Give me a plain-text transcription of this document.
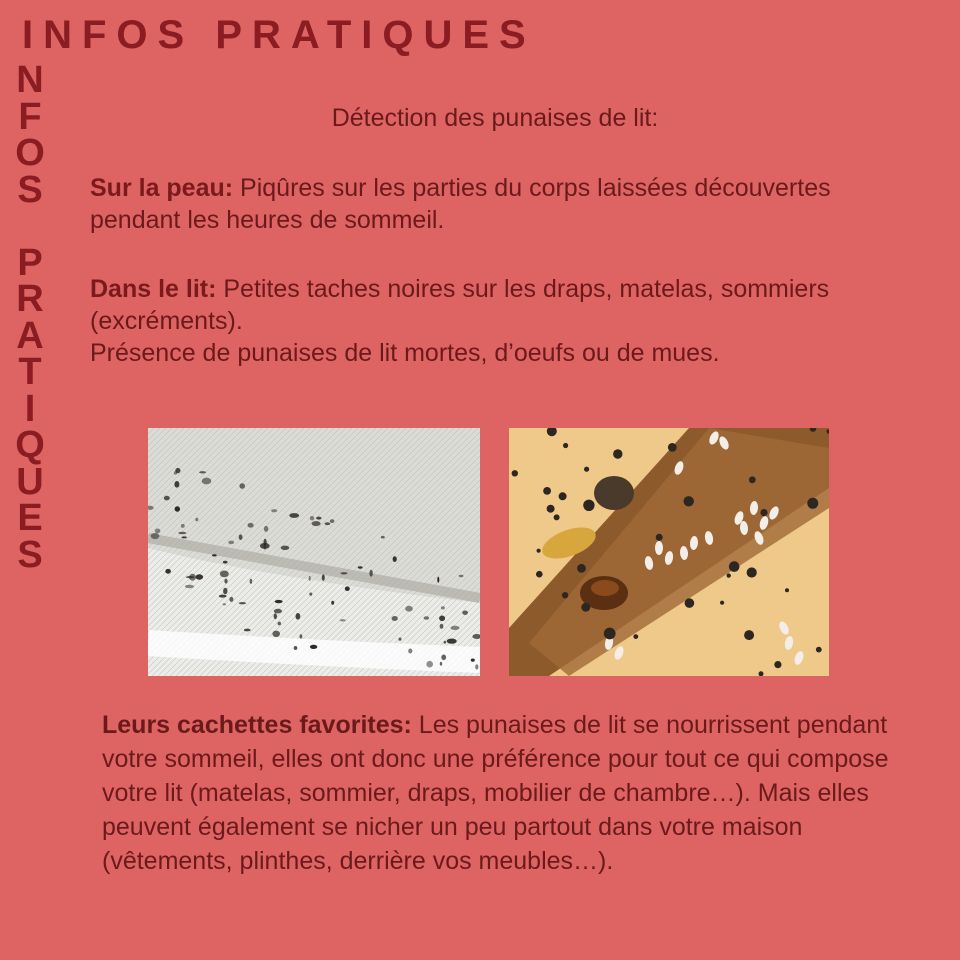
INFOS PRATIQUES
N
F
O
S
P
R
A
T
I
Q
U
E
S
Détection des punaises de lit:
Sur la peau: Piqûres sur les parties du corps laissées découvertes pendant les heures de sommeil.
Dans le lit: Petites taches noires sur les draps, matelas, sommiers (excréments).
Présence de punaises de lit mortes, d’oeufs ou de mues.
Leurs cachettes favorites: Les punaises de lit se nourrissent pendant votre sommeil, elles ont donc une préférence pour tout ce qui compose votre lit (matelas, sommier, draps, mobilier de chambre…). Mais elles peuvent également se nicher un peu partout dans votre maison (vêtements, plinthes, derrière vos meubles…).
